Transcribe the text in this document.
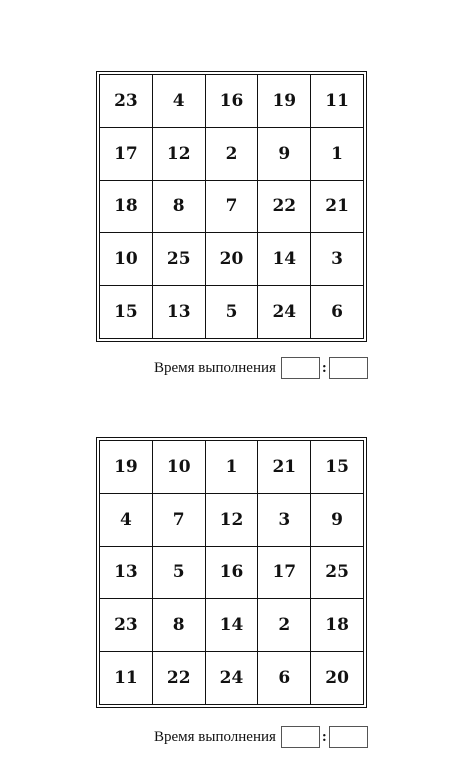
23	4	16	19	11
17	12	2	9	1
18	8	7	22	21
10	25	20	14	3
15	13	5	24	6
Время выполнения	:
19	10	1	21	15
4	7	12	3	9
13	5	16	17	25
23	8	14	2	18
11	22	24	6	20
Время выполнения	:
